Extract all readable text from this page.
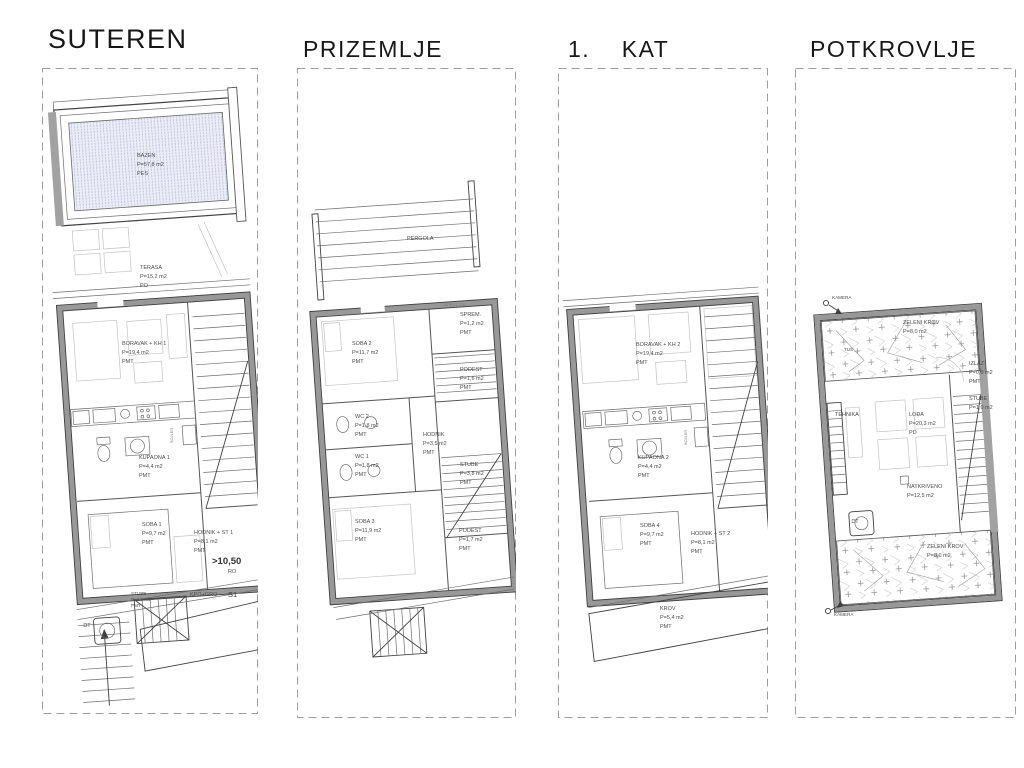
SUTEREN	PRIZEMLJE	1.    KAT	POTKROVLJE
BAZEN
P=57,8 m2
PES
TERASA
P=15,2 m2
PO
BORAVAK + KH 1
P=19,4 m2
PMT
KUPAONA 1
P=4,4 m2
PMT
SOBA 1
P=9,7 m2
PMT
HODNIK + ST 1
P=8,1 m2
PMT
>10,50
RO
STUBE
P=1,8 m2
PMT
KPO+GRO S1
DT
BOJLER
PERGOLA
SOBA 2
P=11,7 m2
PMT
ATIP EL.EN
SPREM.
P=1,2 m2
PMT
PODEST
P=1,6 m2
PMT
WC 2
P=1,8 m2
PMT
WC 1
P=1,8 m2
PMT
HODNIK
P=3,5 m2
PMT
STUBE
P=3,8 m2
PMT
SOBA 3
P=11,9 m2
PMT
PODEST
P=1,7 m2
PMT
BORAVAK + KH 2
P=19,4 m2
PMT
KUPAONA 2
P=4,4 m2
PMT
SOBA 4
P=9,7 m2
PMT
HODNIK + ST 2
P=8,1 m2
PMT
KROV
P=5,4 m2
PMT
BOJLER
KAMERA
ZELENI KROV
P=8,0 m2
TUŠ
IZLAZ
P=0,9 m2
PMT
STUBE
P=1,0 m2
TEHNIKA	LOĐA
P=20,3 m2
PD
NATKRIVENO
P=12,5 m2
DT
ZELENI KROV
P=8,0 m2
KAMERA
